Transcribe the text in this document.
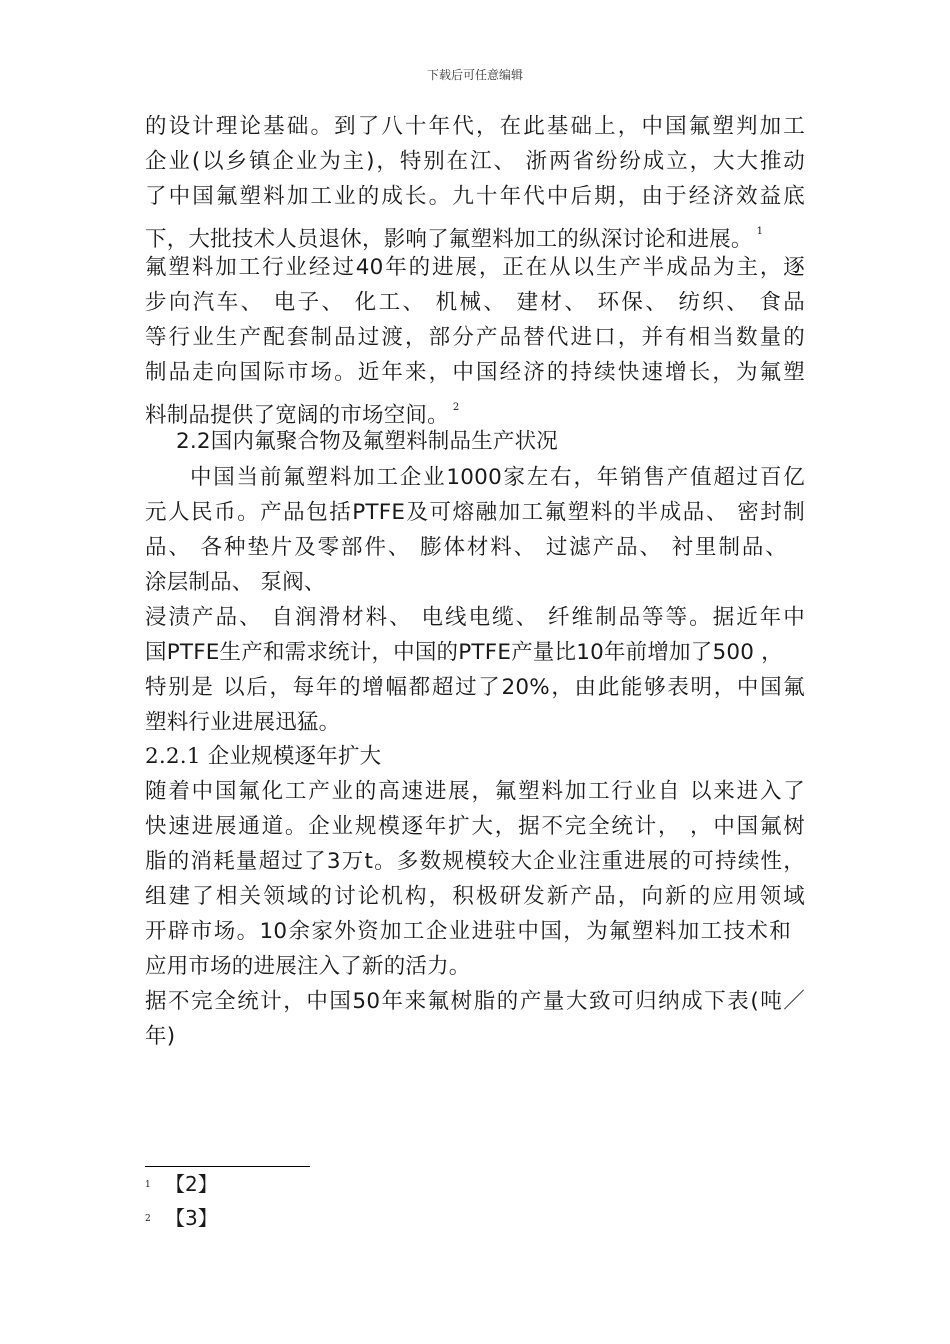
下载后可任意编辑
的设计理论基础。到了八十年代，在此基础上，中国氟塑判加工
企业(以乡镇企业为主)，特别在江、 浙两省纷纷成立，大大推动
了中国氟塑料加工业的成长。九十年代中后期，由于经济效益底
下，大批技术人员退休，影响了氟塑料加工的纵深讨论和进展。 $^1$
氟塑料加工行业经过40年的进展，正在从以生产半成品为主，逐
步向汽车、 电子、 化工、 机械、 建材、 环保、 纺织、 食品
等行业生产配套制品过渡，部分产品替代进口，并有相当数量的
制品走向国际市场。近年来，中国经济的持续快速增长，为氟塑
料制品提供了宽阔的市场空间。 $^2$
2.2国内氟聚合物及氟塑料制品生产状况
中国当前氟塑料加工企业1000家左右，年销售产值超过百亿
元人民币。产品包括PTFE及可熔融加工氟塑料的半成品、 密封制
品、 各种垫片及零部件、 膨体材料、 过滤产品、 衬里制品、
涂层制品、 泵阀、
浸渍产品、 自润滑材料、 电线电缆、 纤维制品等等。据近年中
国PTFE生产和需求统计，中国的PTFE产量比10年前增加了500 ，
特别是 以后，每年的增幅都超过了20%，由此能够表明，中国氟
塑料行业进展迅猛。
2.2.1 企业规模逐年扩大
随着中国氟化工产业的高速进展，氟塑料加工行业自 以来进入了
快速进展通道。企业规模逐年扩大，据不完全统计， ，中国氟树
脂的消耗量超过了3万t。多数规模较大企业注重进展的可持续性，
组建了相关领域的讨论机构，积极研发新产品，向新的应用领域
开辟市场。10余家外资加工企业进驻中国，为氟塑料加工技术和
应用市场的进展注入了新的活力。
据不完全统计，中国50年来氟树脂的产量大致可归纳成下表(吨／
年)
1 【2】
2 【3】
